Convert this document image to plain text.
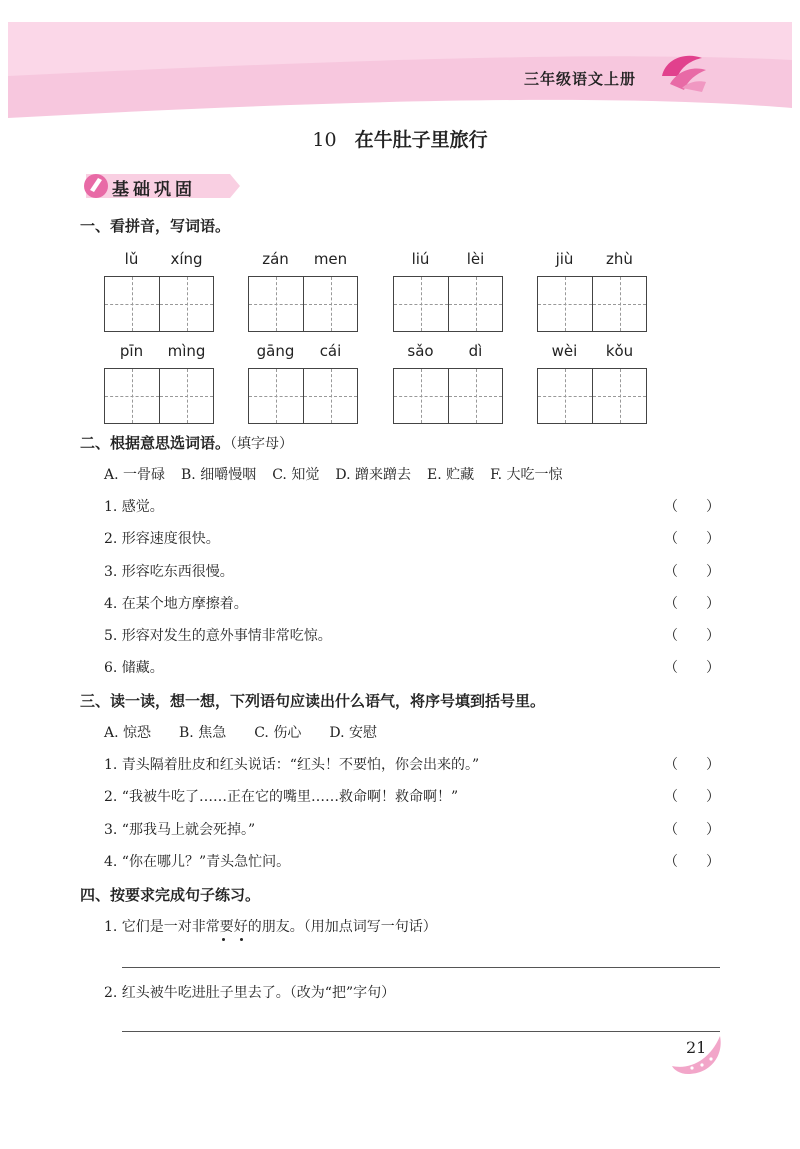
三年级语文上册
10 在牛肚子里旅行
基础巩固
一、看拼音，写词语。
lǔ	xíng	zán	men	liú	lèi	jiù	zhù
pīn	mìng	gāng	cái	sǎo	dì	wèi	kǒu
二、根据意思选词语。（填字母）
A. 一骨碌 B. 细嚼慢咽 C. 知觉 D. 蹭来蹭去 E. 贮藏 F. 大吃一惊
1. 感觉。	（ ）
2. 形容速度很快。	（ ）
3. 形容吃东西很慢。	（ ）
4. 在某个地方摩擦着。	（ ）
5. 形容对发生的意外事情非常吃惊。	（ ）
6. 储藏。	（ ）
三、读一读，想一想，下列语句应读出什么语气，将序号填到括号里。
A. 惊恐 B. 焦急 C. 伤心 D. 安慰
1. 青头隔着肚皮和红头说话：“红头！不要怕，你会出来的。”	（ ）
2. “我被牛吃了……正在它的嘴里……救命啊！救命啊！”	（ ）
3. “那我马上就会死掉。”	（ ）
4. “你在哪儿？”青头急忙问。	（ ）
四、按要求完成句子练习。
1. 它们是一对非常要好的朋友。（用加点词写一句话）
2. 红头被牛吃进肚子里去了。（改为“把”字句）
21
